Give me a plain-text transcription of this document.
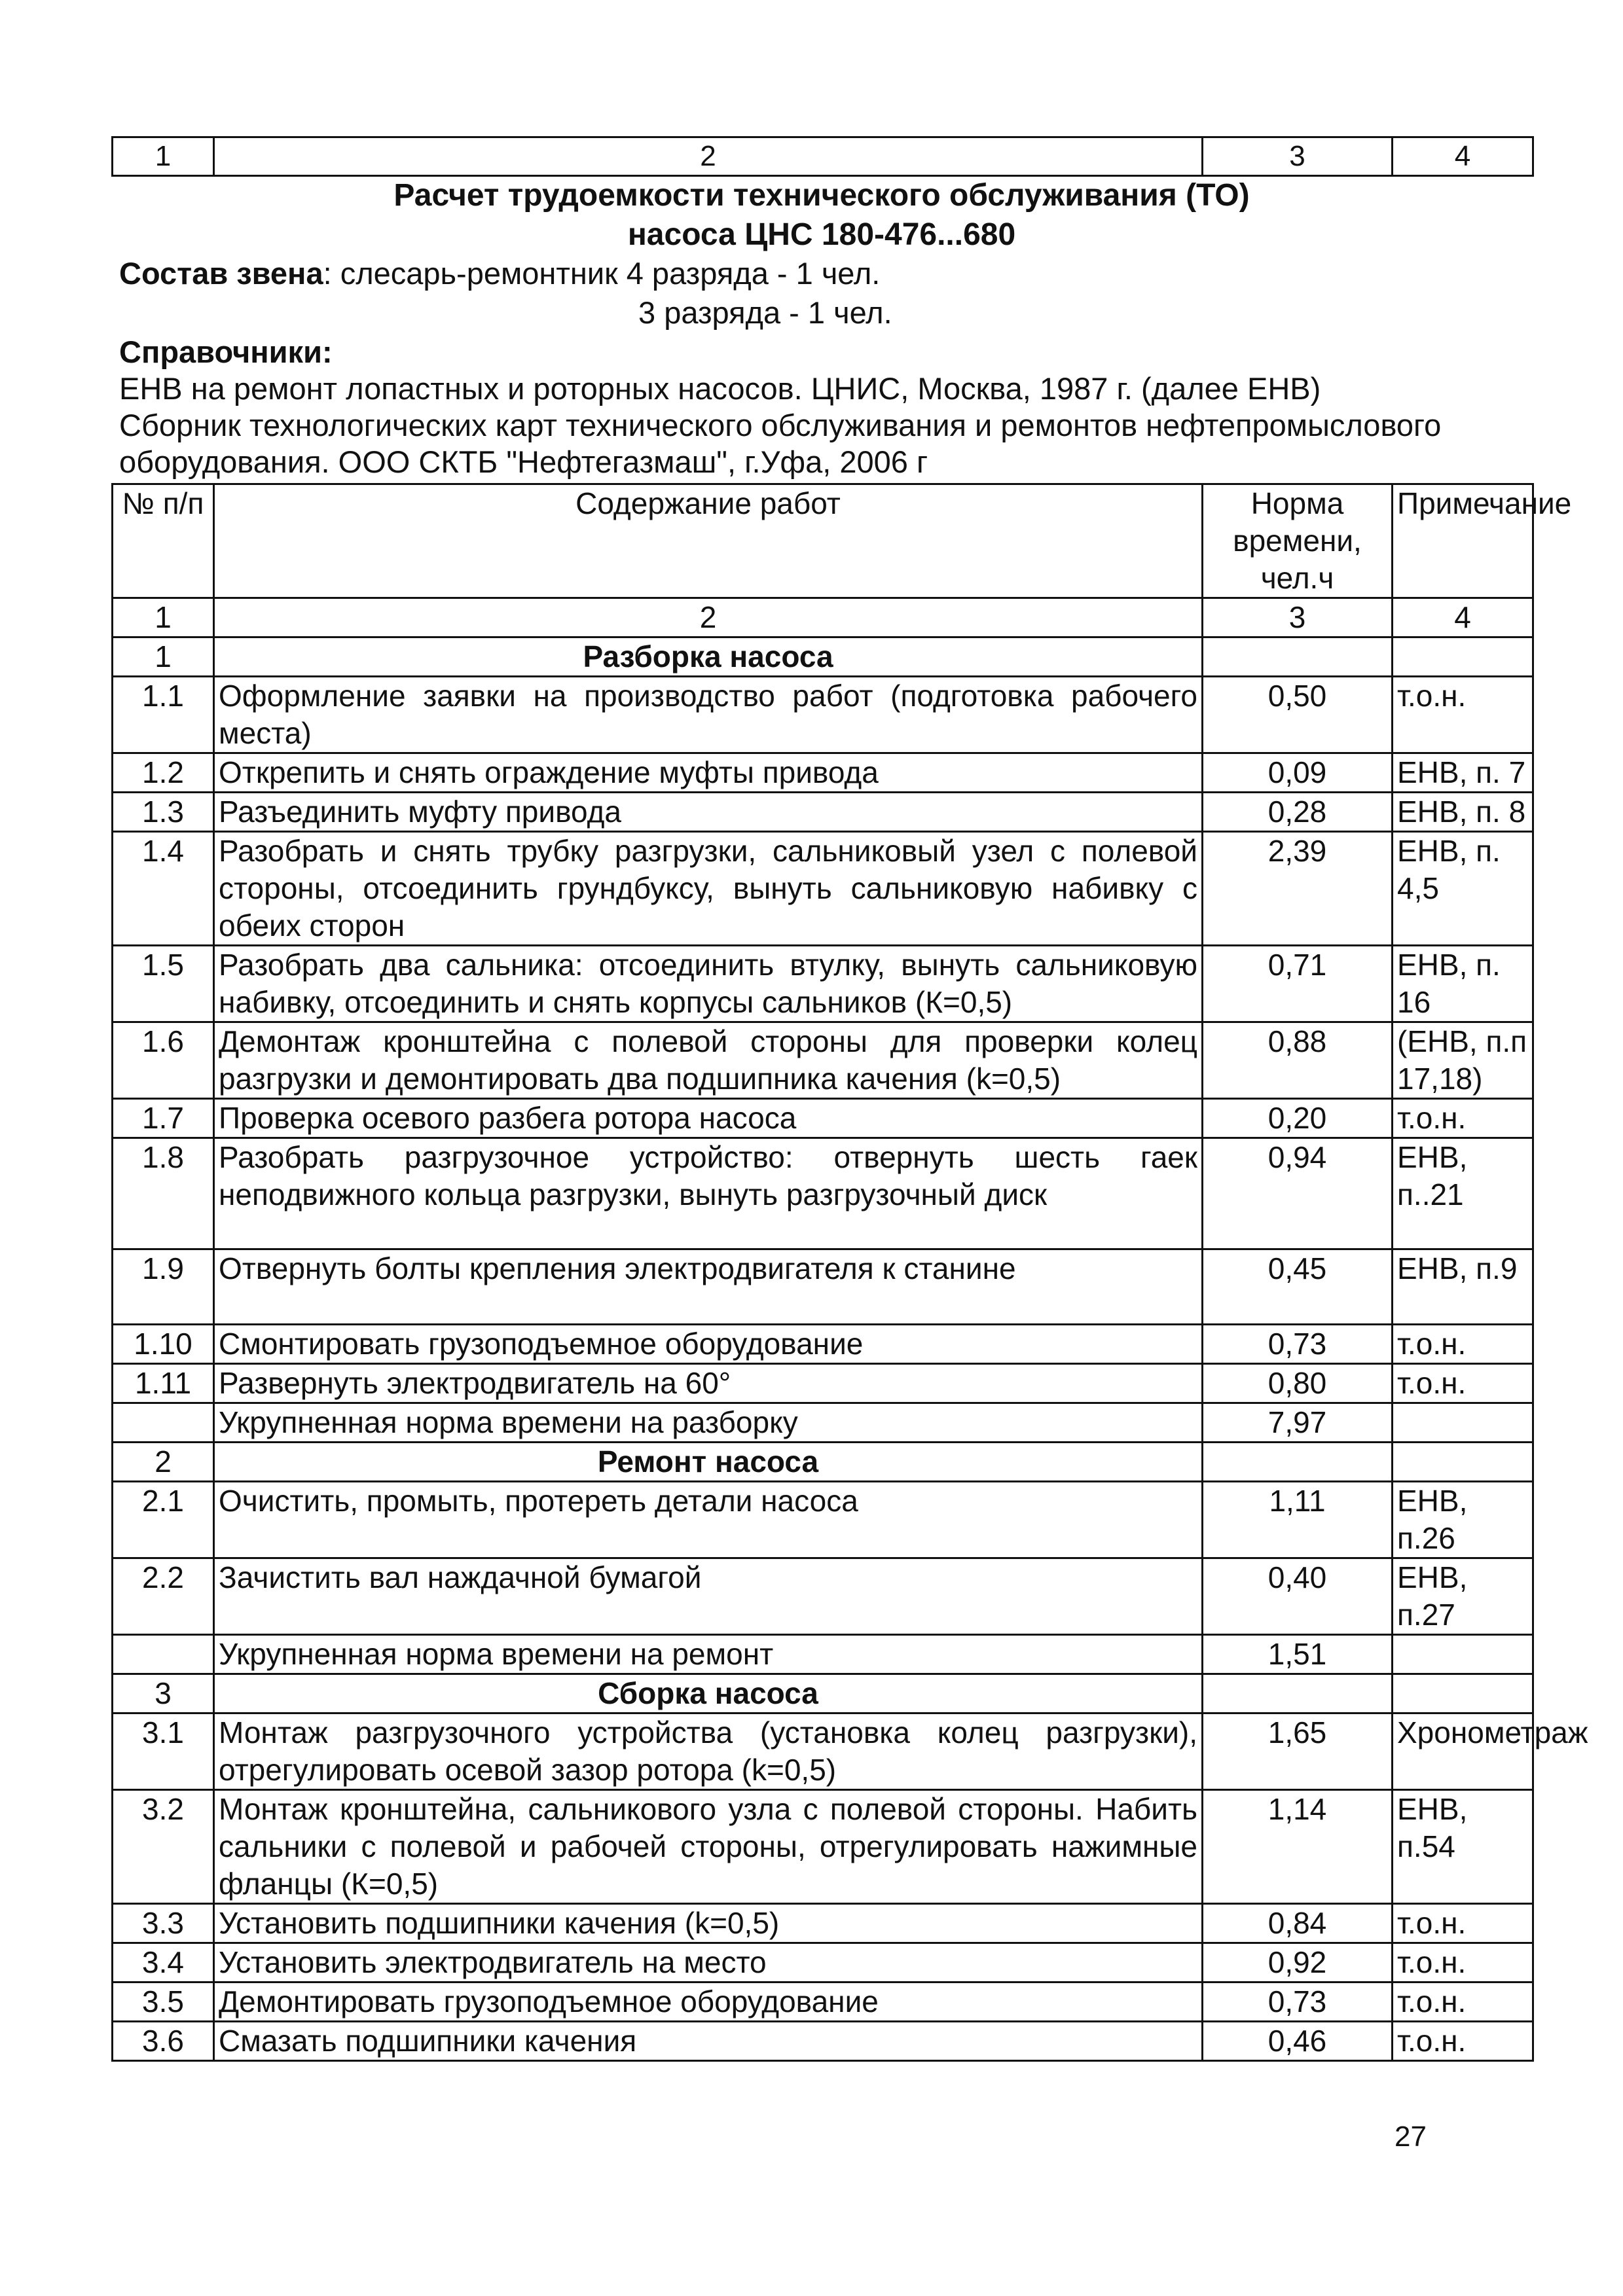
1	2	3	4
Расчет трудоемкости технического обслуживания (ТО)
насоса ЦНС 180-476...680
Состав звена: слесарь-ремонтник 4 разряда - 1 чел.
3 разряда - 1 чел.
Справочники:
ЕНВ на ремонт лопастных и роторных насосов. ЦНИС, Москва, 1987 г. (далее ЕНВ)
Сборник технологических карт технического обслуживания и ремонтов нефтепромыслового
оборудования. ООО СКТБ "Нефтегазмаш", г.Уфа, 2006 г
№ п/п	Содержание работ	Норма времени, чел.ч	Примечание
1	2	3	4
1	Разборка насоса		
1.1	Оформление заявки на производство работ (подготовка рабочего места)	0,50	т.о.н.
1.2	Открепить и снять ограждение муфты привода	0,09	ЕНВ, п. 7
1.3	Разъединить муфту привода	0,28	ЕНВ, п. 8
1.4	Разобрать и снять трубку разгрузки, сальниковый узел с полевой стороны, отсоединить грундбуксу, вынуть сальниковую набивку с обеих сторон	2,39	ЕНВ, п. 4,5
1.5	Разобрать два сальника: отсоединить втулку, вынуть сальниковую набивку, отсоединить и снять корпусы сальников (К=0,5)	0,71	ЕНВ, п. 16
1.6	Демонтаж кронштейна с полевой стороны для проверки колец разгрузки и демонтировать два подшипника качения (k=0,5)	0,88	(ЕНВ, п.п 17,18)
1.7	Проверка осевого разбега ротора насоса	0,20	т.о.н.
1.8	Разобрать разгрузочное устройство: отвернуть шесть гаек неподвижного кольца разгрузки, вынуть разгрузочный диск	0,94	ЕНВ, п..21
1.9	Отвернуть болты крепления электродвигателя к станине	0,45	ЕНВ, п.9
1.10	Смонтировать грузоподъемное оборудование	0,73	т.о.н.
1.11	Развернуть электродвигатель на 60°	0,80	т.о.н.
	Укрупненная норма времени на разборку	7,97	
2	Ремонт насоса		
2.1	Очистить, промыть, протереть детали насоса	1,11	ЕНВ, п.26
2.2	Зачистить вал наждачной бумагой	0,40	ЕНВ, п.27
	Укрупненная норма времени на ремонт	1,51	
3	Сборка насоса		
3.1	Монтаж разгрузочного устройства (установка колец разгрузки), отрегулировать осевой зазор ротора (k=0,5)	1,65	Хронометраж
3.2	Монтаж кронштейна, сальникового узла с полевой стороны. Набить сальники с полевой и рабочей стороны, отрегулировать нажимные фланцы (К=0,5)	1,14	ЕНВ, п.54
3.3	Установить подшипники качения (k=0,5)	0,84	т.о.н.
3.4	Установить электродвигатель на место	0,92	т.о.н.
3.5	Демонтировать грузоподъемное оборудование	0,73	т.о.н.
3.6	Смазать подшипники качения	0,46	т.о.н.
27
